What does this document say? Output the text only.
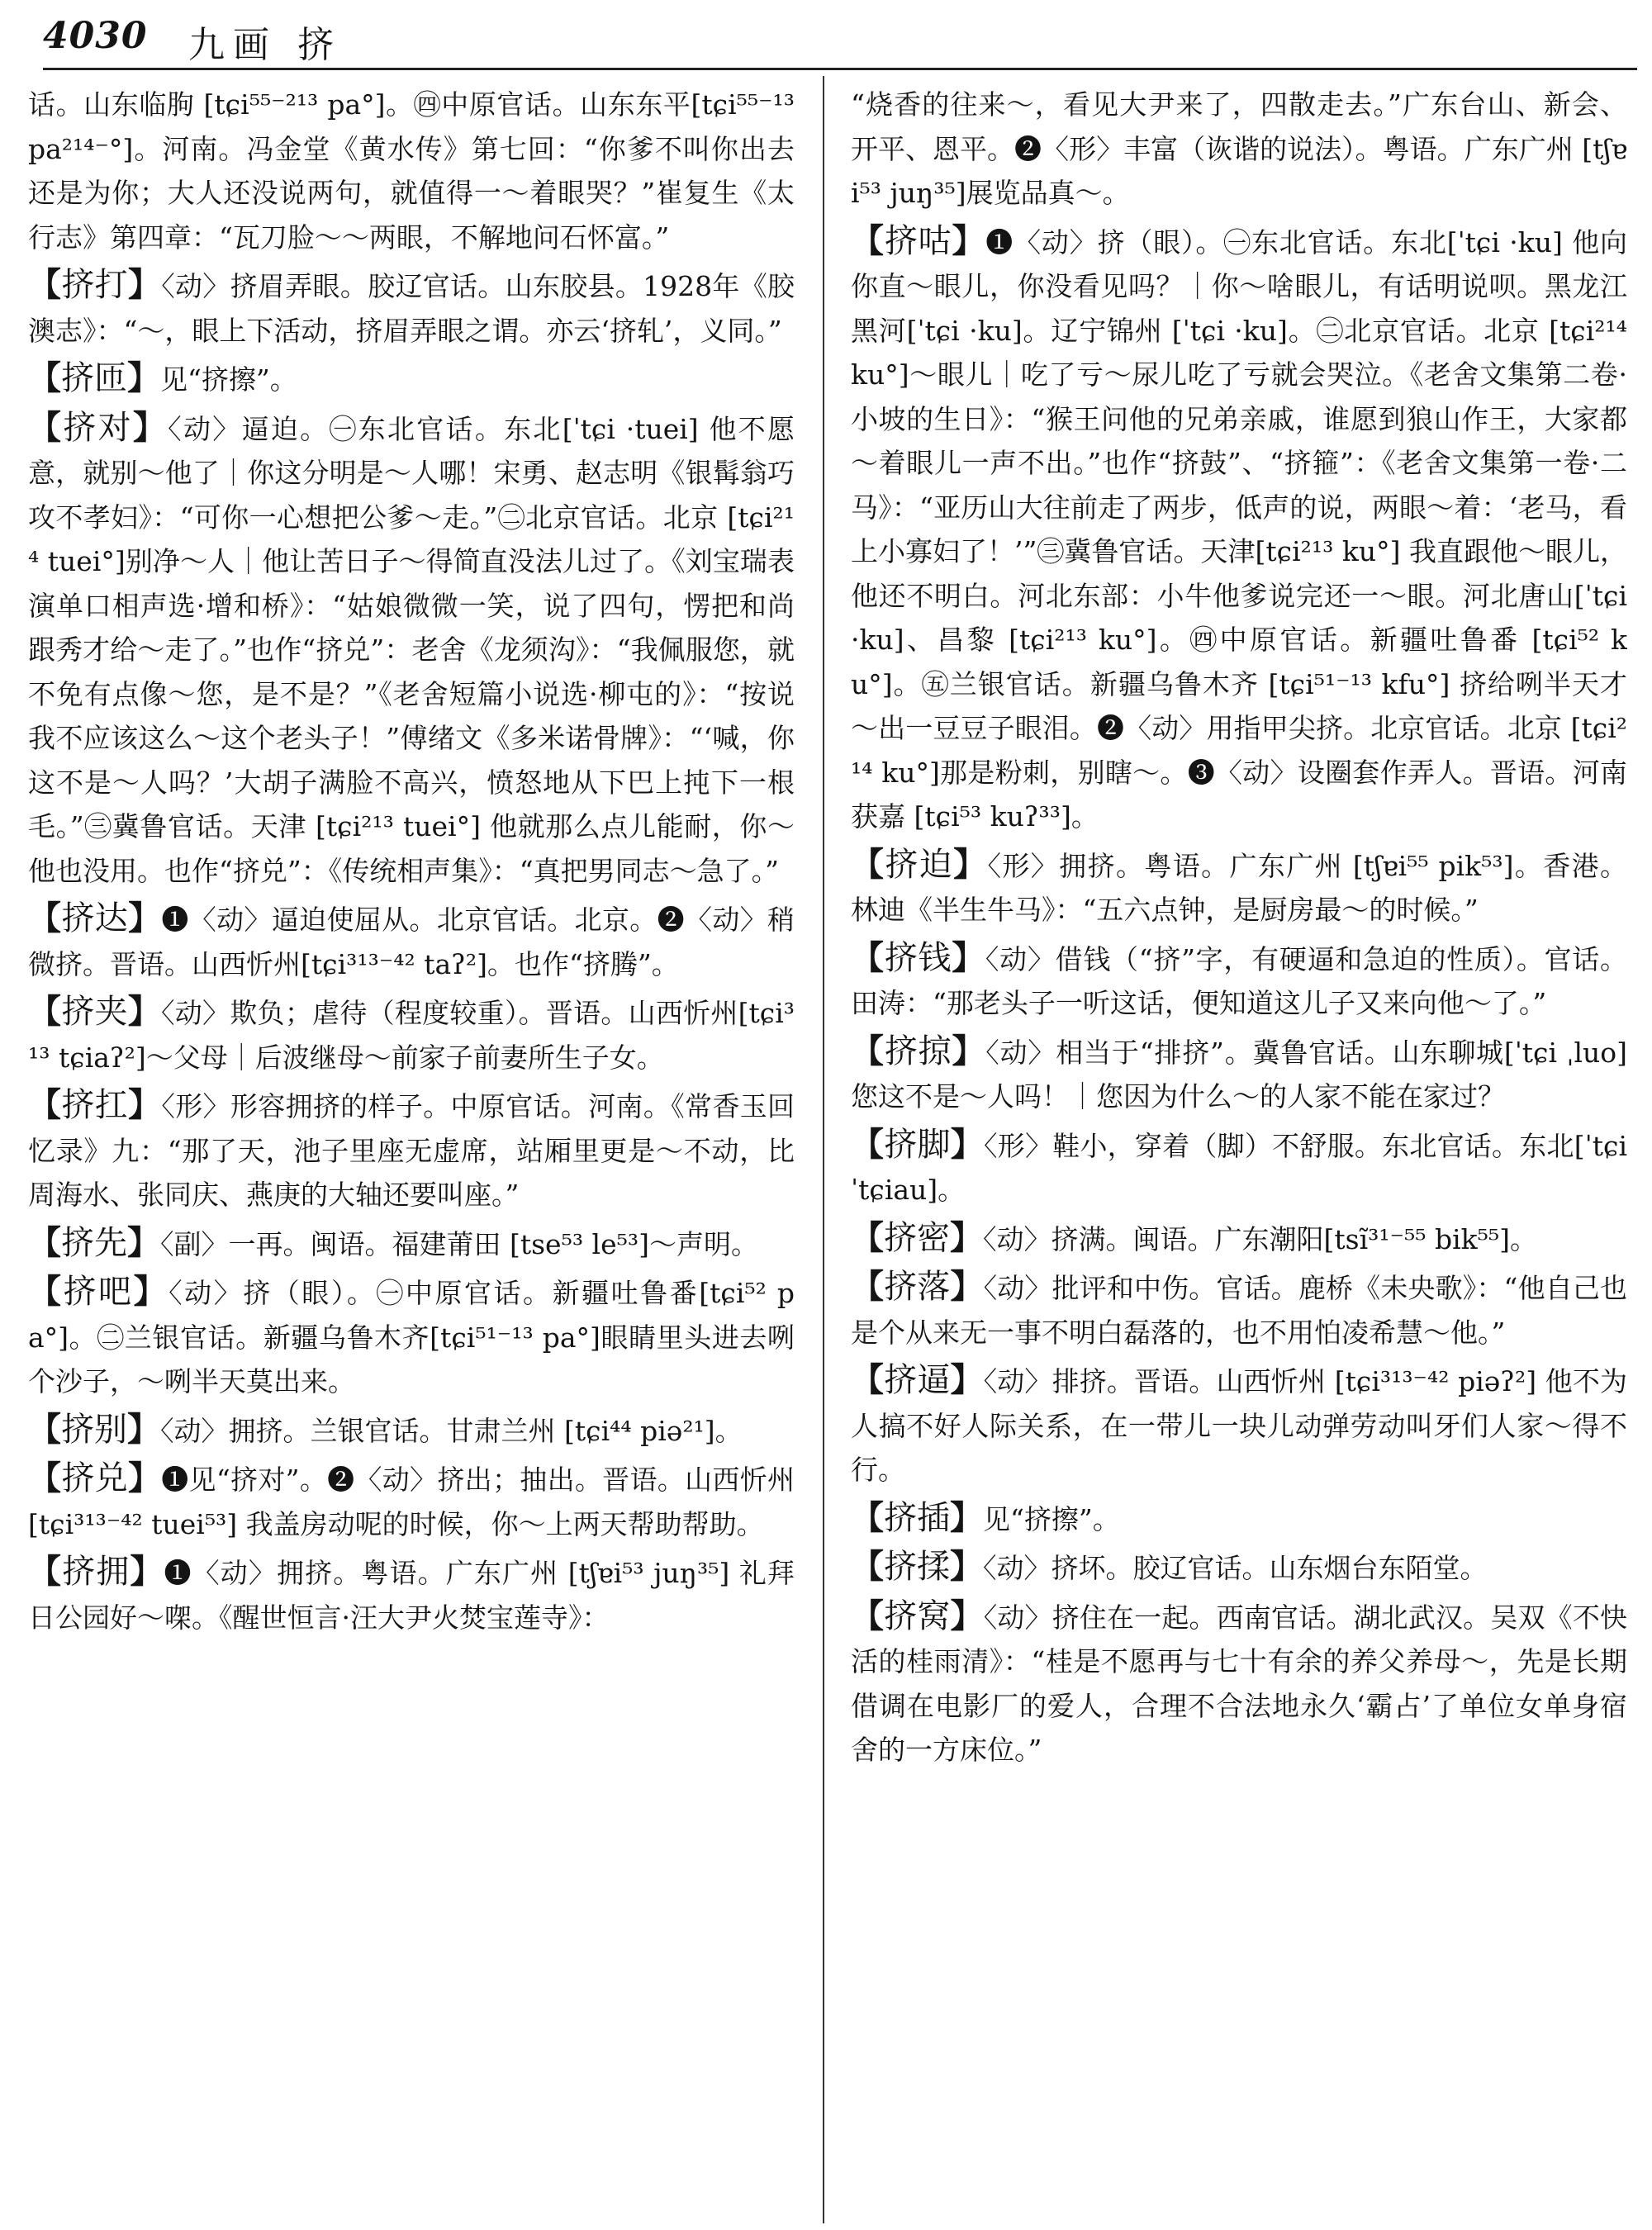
4030 九画 挤

话。山东临朐 [tɕi⁵⁵⁻²¹³ pa°]。㊃中原官话。山东东平[tɕi⁵⁵⁻¹³ pa²¹⁴⁻°]。河南。冯金堂《黄水传》第七回：“你爹不叫你出去还是为你；大人还没说两句，就值得一～着眼哭？”崔复生《太行志》第四章：“瓦刀脸～～两眼，不解地问石怀富。”

【挤打】〈动〉挤眉弄眼。胶辽官话。山东胶县。1928年《胶澳志》：“～，眼上下活动，挤眉弄眼之谓。亦云‘挤轧’，义同。”

【挤匝】见“挤擦”。

【挤对】〈动〉逼迫。㊀东北官话。东北[ˈtɕi ·tuei] 他不愿意，就别～他了｜你这分明是～人哪！宋勇、赵志明《银髯翁巧攻不孝妇》：“可你一心想把公爹～走。”㊁北京官话。北京 [tɕi²¹⁴ tuei°]别净～人｜他让苦日子～得简直没法儿过了。《刘宝瑞表演单口相声选·增和桥》：“姑娘微微一笑，说了四句，愣把和尚跟秀才给～走了。”也作“挤兑”：老舍《龙须沟》：“我佩服您，就不免有点像～您，是不是？”《老舍短篇小说选·柳屯的》：“按说我不应该这么～这个老头子！”傅绪文《多米诺骨牌》：“‘喊，你这不是～人吗？’大胡子满脸不高兴，愤怒地从下巴上扽下一根毛。”㊂冀鲁官话。天津 [tɕi²¹³ tuei°] 他就那么点儿能耐，你～他也没用。也作“挤兑”：《传统相声集》：“真把男同志～急了。”

【挤达】❶〈动〉逼迫使屈从。北京官话。北京。❷〈动〉稍微挤。晋语。山西忻州[tɕi³¹³⁻⁴² taʔ²]。也作“挤腾”。

【挤夹】〈动〉欺负；虐待（程度较重）。晋语。山西忻州[tɕi³¹³ tɕiaʔ²]～父母｜后波继母～前家子前妻所生子女。

【挤扛】〈形〉形容拥挤的样子。中原官话。河南。《常香玉回忆录》九：“那了天，池子里座无虚席，站厢里更是～不动，比周海水、张同庆、燕庚的大轴还要叫座。”

【挤先】〈副〉一再。闽语。福建莆田 [tse⁵³ le⁵³]～声明。

【挤吧】〈动〉挤（眼）。㊀中原官话。新疆吐鲁番[tɕi⁵² pa°]。㊁兰银官话。新疆乌鲁木齐[tɕi⁵¹⁻¹³ pa°]眼睛里头进去咧个沙子，～咧半天莫出来。

【挤别】〈动〉拥挤。兰银官话。甘肃兰州 [tɕi⁴⁴ piə²¹]。

【挤兑】❶见“挤对”。❷〈动〉挤出；抽出。晋语。山西忻州[tɕi³¹³⁻⁴² tuei⁵³] 我盖房动呢的时候，你～上两天帮助帮助。

【挤拥】❶〈动〉拥挤。粤语。广东广州 [tʃɐi⁵³ juŋ³⁵] 礼拜日公园好～㗎。《醒世恒言·汪大尹火焚宝莲寺》：

“烧香的往来～，看见大尹来了，四散走去。”广东台山、新会、开平、恩平。❷〈形〉丰富（诙谐的说法）。粤语。广东广州 [tʃɐi⁵³ juŋ³⁵]展览品真～。

【挤咕】❶〈动〉挤（眼）。㊀东北官话。东北[ˈtɕi ·ku] 他向你直～眼儿，你没看见吗？｜你～啥眼儿，有话明说呗。黑龙江黑河[ˈtɕi ·ku]。辽宁锦州 [ˈtɕi ·ku]。㊁北京官话。北京 [tɕi²¹⁴ ku°]～眼儿｜吃了亏～尿儿吃了亏就会哭泣。《老舍文集第二卷·小坡的生日》：“猴王问他的兄弟亲戚，谁愿到狼山作王，大家都～着眼儿一声不出。”也作“挤鼓”、“挤箍”：《老舍文集第一卷·二马》：“亚历山大往前走了两步，低声的说，两眼～着：‘老马，看上小寡妇了！’”㊂冀鲁官话。天津[tɕi²¹³ ku°] 我直跟他～眼儿，他还不明白。河北东部：小牛他爹说完还一～眼。河北唐山[ˈtɕi ·ku]、昌黎 [tɕi²¹³ ku°]。㊃中原官话。新疆吐鲁番 [tɕi⁵² ku°]。㊄兰银官话。新疆乌鲁木齐 [tɕi⁵¹⁻¹³ kfu°] 挤给咧半天才～出一豆豆子眼泪。❷〈动〉用指甲尖挤。北京官话。北京 [tɕi²¹⁴ ku°]那是粉刺，别瞎～。❸〈动〉设圈套作弄人。晋语。河南获嘉 [tɕi⁵³ kuʔ³³]。

【挤迫】〈形〉拥挤。粤语。广东广州 [tʃɐi⁵⁵ pik⁵³]。香港。林迪《半生牛马》：“五六点钟，是厨房最～的时候。”

【挤钱】〈动〉借钱（“挤”字，有硬逼和急迫的性质）。官话。田涛：“那老头子一听这话，便知道这儿子又来向他～了。”

【挤掠】〈动〉相当于“排挤”。冀鲁官话。山东聊城[ˈtɕi ˌluo] 您这不是～人吗！｜您因为什么～的人家不能在家过？

【挤脚】〈形〉鞋小，穿着（脚）不舒服。东北官话。东北[ˈtɕi ˈtɕiau]。

【挤密】〈动〉挤满。闽语。广东潮阳[tsĩ³¹⁻⁵⁵ bik⁵⁵]。

【挤落】〈动〉批评和中伤。官话。鹿桥《未央歌》：“他自己也是个从来无一事不明白磊落的，也不用怕凌希慧～他。”

【挤逼】〈动〉排挤。晋语。山西忻州 [tɕi³¹³⁻⁴² piəʔ²] 他不为人搞不好人际关系，在一带儿一块儿动弹劳动叫牙们人家～得不行。

【挤插】见“挤擦”。

【挤揉】〈动〉挤坏。胶辽官话。山东烟台东陌堂。

【挤窝】〈动〉挤住在一起。西南官话。湖北武汉。吴双《不快活的桂雨清》：“桂是不愿再与七十有余的养父养母～，先是长期借调在电影厂的爱人，合理不合法地永久‘霸占’了单位女单身宿舍的一方床位。”
